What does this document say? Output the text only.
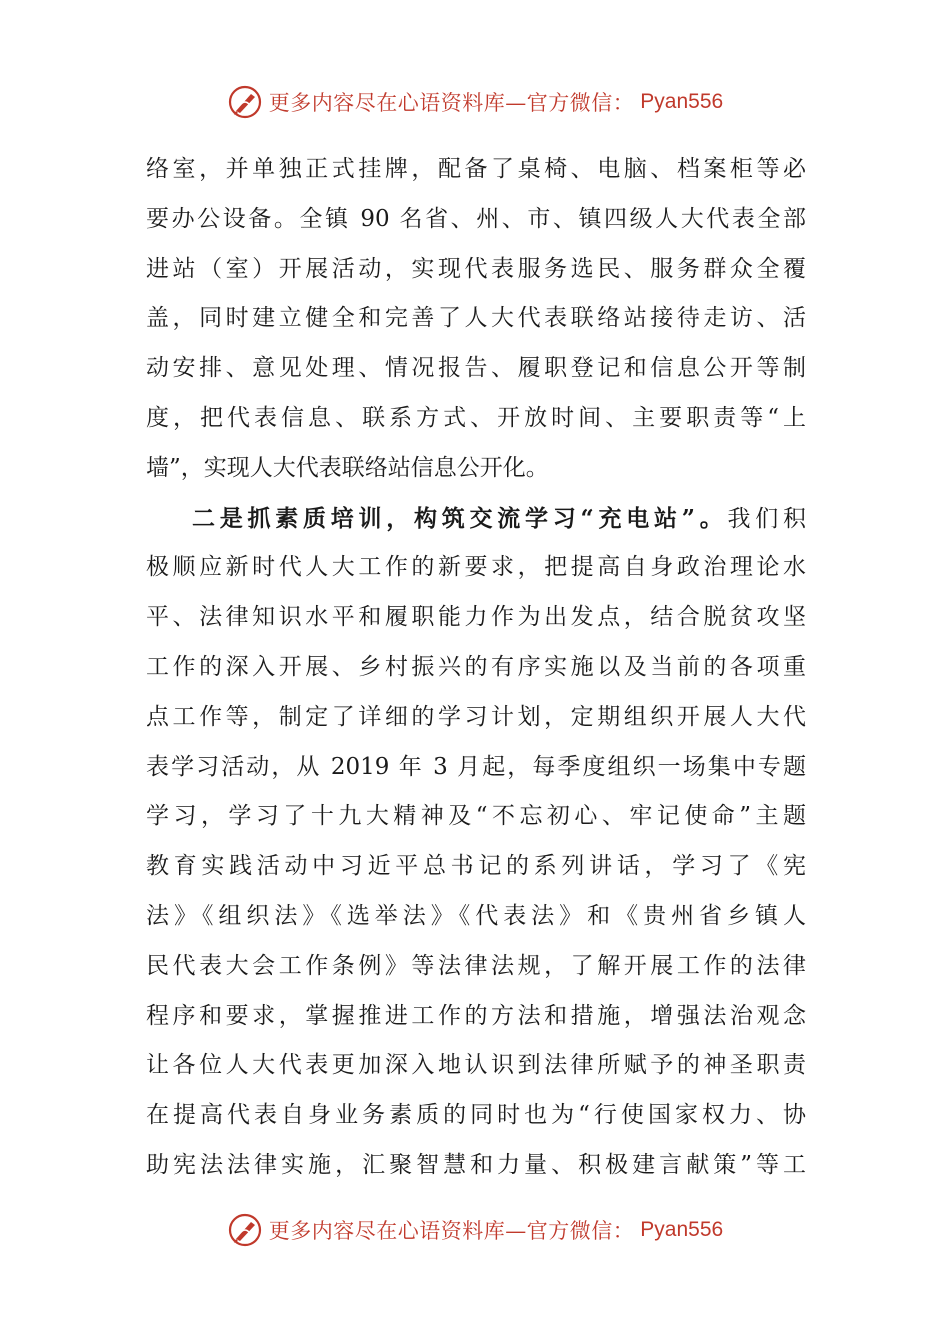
更多内容尽在心语资料库—官方微信： Pyan556
络室，并单独正式挂牌，配备了桌椅、电脑、档案柜等必
要办公设备。全镇 90 名省、州、市、镇四级人大代表全部
进站（室）开展活动，实现代表服务选民、服务群众全覆
盖，同时建立健全和完善了人大代表联络站接待走访、活
动安排、意见处理、情况报告、履职登记和信息公开等制
度，把代表信息、联系方式、开放时间、主要职责等“上
墙”，实现人大代表联络站信息公开化。
二是抓素质培训，构筑交流学习“充电站”。我们积
极顺应新时代人大工作的新要求，把提高自身政治理论水
平、法律知识水平和履职能力作为出发点，结合脱贫攻坚
工作的深入开展、乡村振兴的有序实施以及当前的各项重
点工作等，制定了详细的学习计划，定期组织开展人大代
表学习活动，从 2019 年 3 月起，每季度组织一场集中专题
学习，学习了十九大精神及“不忘初心、牢记使命”主题
教育实践活动中习近平总书记的系列讲话，学习了《宪
法》《组织法》《选举法》《代表法》和《贵州省乡镇人
民代表大会工作条例》等法律法规，了解开展工作的法律
程序和要求，掌握推进工作的方法和措施，增强法治观念
让各位人大代表更加深入地认识到法律所赋予的神圣职责
在提高代表自身业务素质的同时也为“行使国家权力、协
助宪法法律实施，汇聚智慧和力量、积极建言献策”等工
更多内容尽在心语资料库—官方微信： Pyan556
